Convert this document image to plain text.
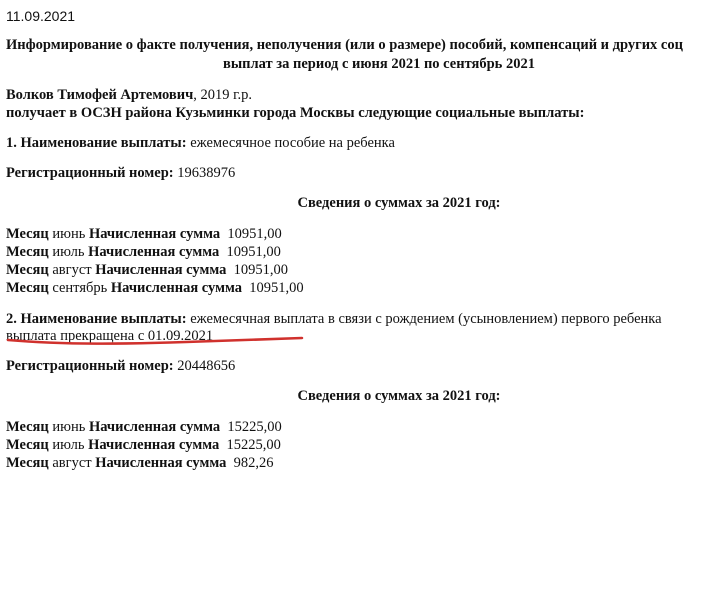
11.09.2021
Информирование о факте получения, неполучения (или о размере) пособий, компенсаций и других соц
выплат за период с июня 2021 по сентябрь 2021
Волков Тимофей Артемович, 2019 г.р.
получает в ОСЗН района Кузьминки города Москвы следующие социальные выплаты:
1. Наименование выплаты: ежемесячное пособие на ребенка
Регистрационный номер: 19638976
Сведения о суммах за 2021 год:
Месяц июнь Начисленная сумма 10951,00
Месяц июль Начисленная сумма 10951,00
Месяц август Начисленная сумма 10951,00
Месяц сентябрь Начисленная сумма 10951,00
2. Наименование выплаты: ежемесячная выплата в связи с рождением (усыновлением) первого ребенка
выплата прекращена с 01.09.2021
Регистрационный номер: 20448656
Сведения о суммах за 2021 год:
Месяц июнь Начисленная сумма 15225,00
Месяц июль Начисленная сумма 15225,00
Месяц август Начисленная сумма 982,26
